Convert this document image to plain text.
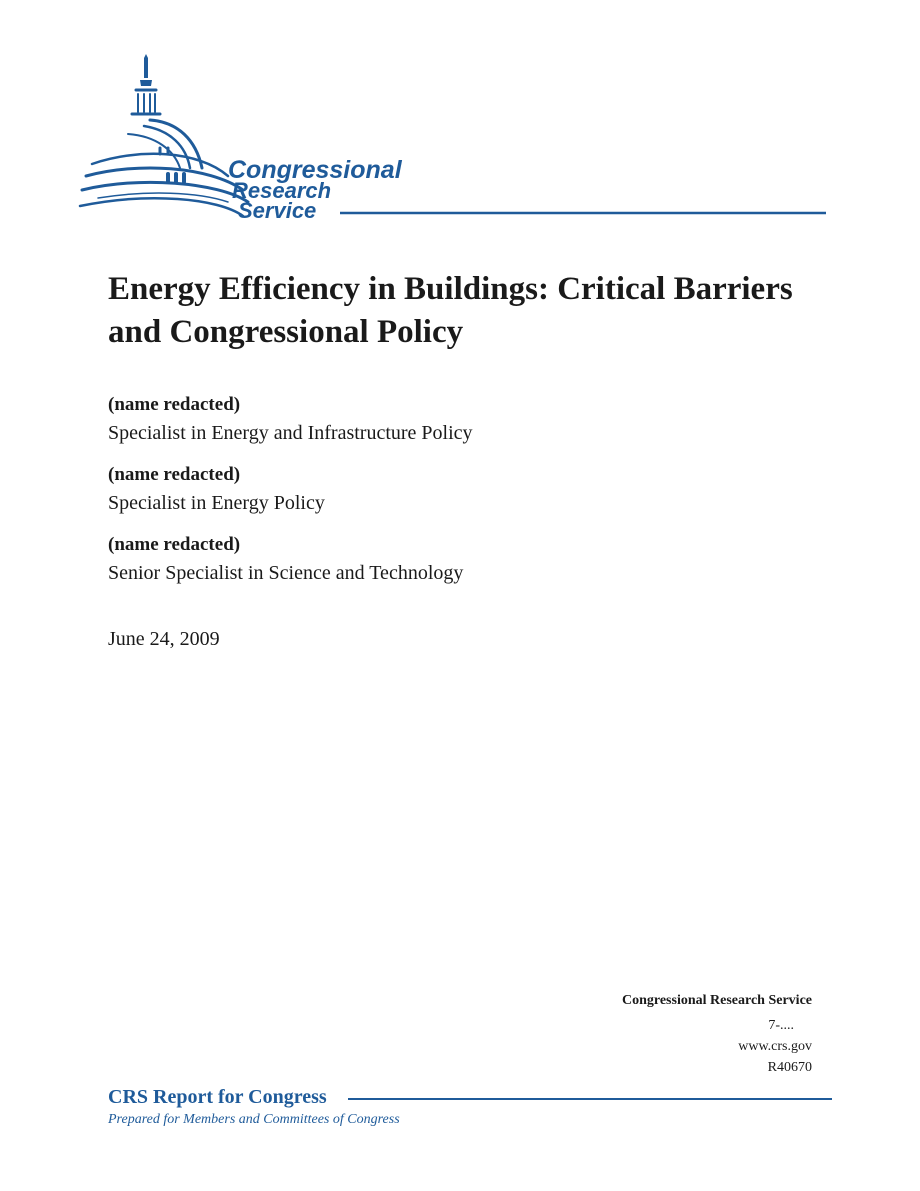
Congressional
Research
Service
Energy Efficiency in Buildings: Critical Barriers and Congressional Policy
(name redacted)
Specialist in Energy and Infrastructure Policy
(name redacted)
Specialist in Energy Policy
(name redacted)
Senior Specialist in Science and Technology
June 24, 2009
Congressional Research Service
7-....
www.crs.gov
R40670
CRS Report for Congress
Prepared for Members and Committees of Congress
